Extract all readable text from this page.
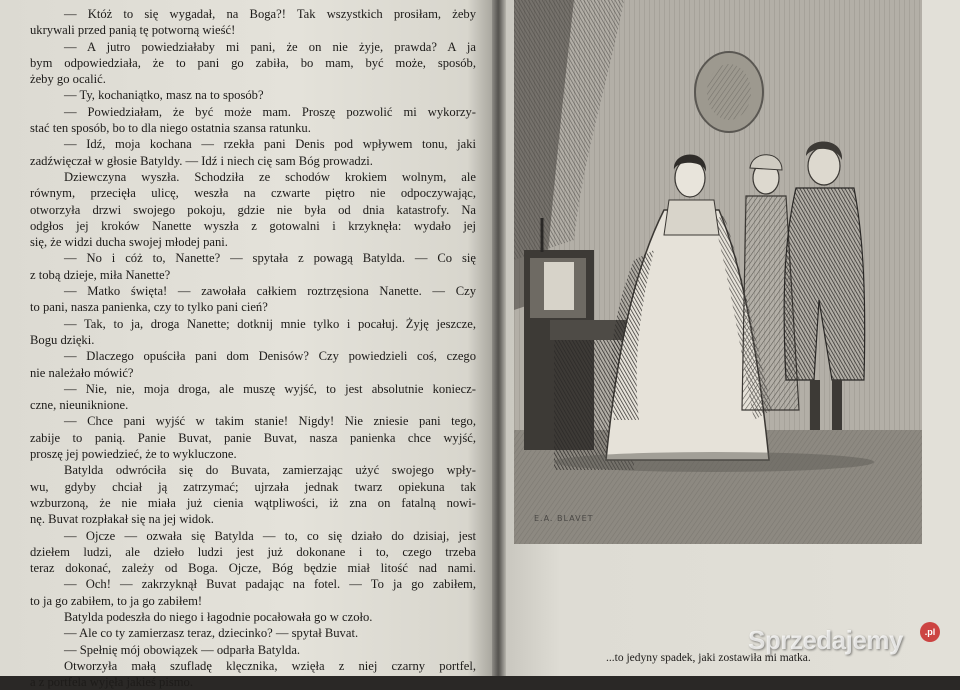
— Któż to się wygadał, na Boga?! Tak wszystkich prosiłam, żeby
ukrywali przed panią tę potworną wieść!
— A jutro powiedziałaby mi pani, że on nie żyje, prawda? A ja
bym odpowiedziała, że to pani go zabiła, bo mam, być może, sposób,
żeby go ocalić.
— Ty, kochaniątko, masz na to sposób?
— Powiedziałam, że być może mam. Proszę pozwolić mi wykorzy-
stać ten sposób, bo to dla niego ostatnia szansa ratunku.
— Idź, moja kochana — rzekła pani Denis pod wpływem tonu, jaki
zadźwięczał w głosie Batyldy. — Idź i niech cię sam Bóg prowadzi.
Dziewczyna wyszła. Schodziła ze schodów krokiem wolnym, ale
równym, przecięła ulicę, weszła na czwarte piętro nie odpoczywając,
otworzyła drzwi swojego pokoju, gdzie nie była od dnia katastrofy. Na
odgłos jej kroków Nanette wyszła z gotowalni i krzyknęła: wydało jej
się, że widzi ducha swojej młodej pani.
— No i cóż to, Nanette? — spytała z powagą Batylda. — Co się
z tobą dzieje, miła Nanette?
— Matko święta! — zawołała całkiem roztrzęsiona Nanette. — Czy
to pani, nasza panienka, czy to tylko pani cień?
— Tak, to ja, droga Nanette; dotknij mnie tylko i pocałuj. Żyję jeszcze,
Bogu dzięki.
— Dlaczego opuściła pani dom Denisów? Czy powiedzieli coś, czego
nie należało mówić?
— Nie, nie, moja droga, ale muszę wyjść, to jest absolutnie koniecz-
czne, nieuniknione.
— Chce pani wyjść w takim stanie! Nigdy! Nie zniesie pani tego,
zabije to panią. Panie Buvat, panie Buvat, nasza panienka chce wyjść,
proszę jej powiedzieć, że to wykluczone.
Batylda odwróciła się do Buvata, zamierzając użyć swojego wpły-
wu, gdyby chciał ją zatrzymać; ujrzała jednak twarz opiekuna tak
wzburzoną, że nie miała już cienia wątpliwości, iż zna on fatalną nowi-
nę. Buvat rozpłakał się na jej widok.
— Ojcze — ozwała się Batylda — to, co się działo do dzisiaj, jest
dziełem ludzi, ale dzieło ludzi jest już dokonane i to, czego trzeba
teraz dokonać, zależy od Boga. Ojcze, Bóg będzie miał litość nad nami.
— Och! — zakrzyknął Buvat padając na fotel. — To ja go zabiłem,
to ja go zabiłem, to ja go zabiłem!
Batylda podeszła do niego i łagodnie pocałowała go w czoło.
— Ale co ty zamierzasz teraz, dziecinko? — spytał Buvat.
— Spełnię mój obowiązek — odparła Batylda.
Otworzyła małą szufladę klęcznika, wzięła z niej czarny portfel,
a z portfela wyjęła jakieś pismo.
E.A. BLAVET
...to jedyny spadek, jaki zostawiła mi matka.
Sprzedajemy	.pl
